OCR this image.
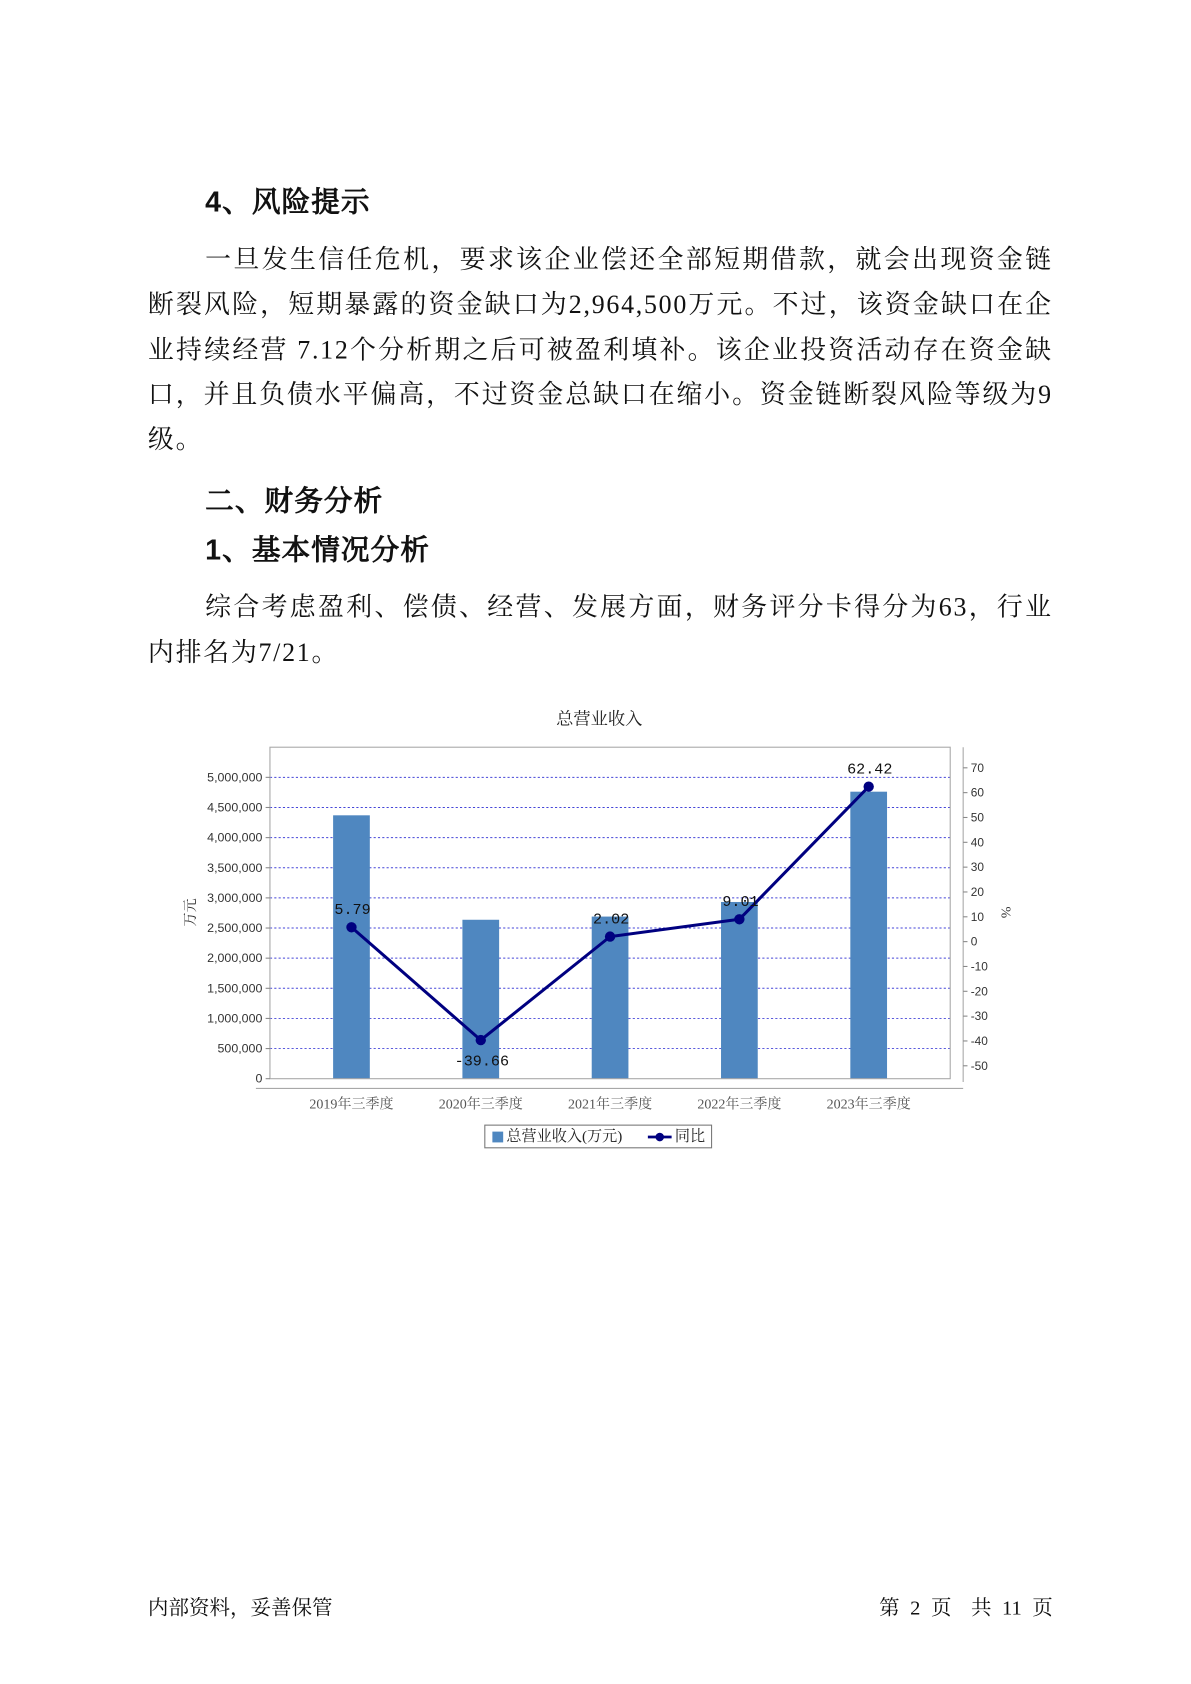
4、风险提示
一旦发生信任危机，要求该企业偿还全部短期借款，就会出现资金链
断裂风险，短期暴露的资金缺口为2,964,500万元。不过，该资金缺口在企
业持续经营 7.12个分析期之后可被盈利填补。该企业投资活动存在资金缺
口，并且负债水平偏高，不过资金总缺口在缩小。资金链断裂风险等级为9
级。
二、财务分析
1、基本情况分析
综合考虑盈利、偿债、经营、发展方面，财务评分卡得分为63，行业
内排名为7/21。
总营业收入
0
500,000
1,000,000
1,500,000
2,000,000
2,500,000
3,000,000
3,500,000
4,000,000
4,500,000
5,000,000
-50
-40
-30
-20
-10
0
10
20
30
40
50
60
70
2019年三季度	2020年三季度	2021年三季度	2022年三季度	2023年三季度
5.79
-39.66
2.02
9.01
62.42
万元	%
总营业收入(万元)	同比
内部资料，妥善保管	第 2 页 共 11 页
